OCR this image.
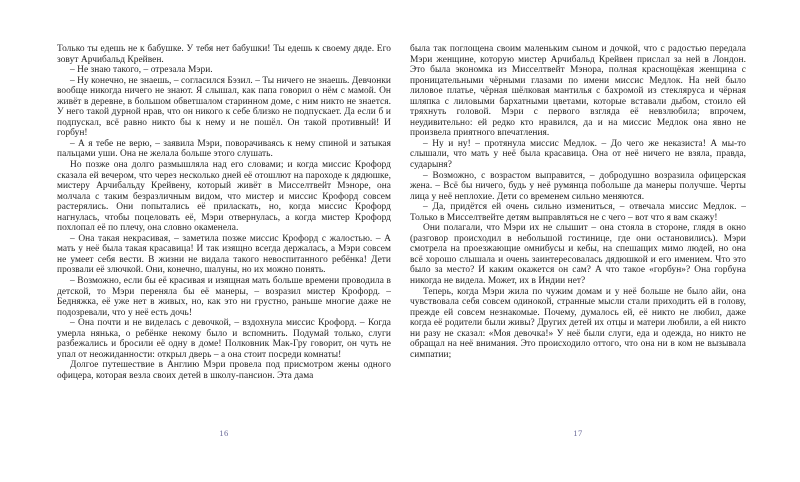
Только ты едешь не к бабушке. У тебя нет бабушки! Ты едешь к своему дяде. Его зовут Арчибальд Крейвен.

– Не знаю такого, – отрезала Мэри.

– Ну конечно, не знаешь, – согласился Бэзил. – Ты ничего не знаешь. Девчонки вообще никогда ничего не знают. Я слышал, как папа говорил о нём с мамой. Он живёт в деревне, в большом обветшалом старинном доме, с ним никто не знается. У него такой дурной нрав, что он никого к себе близко не подпускает. Да если б и подпускал, всё равно никто бы к нему и не пошёл. Он такой противный! И горбун!

– А я тебе не верю, – заявила Мэри, поворачиваясь к нему спиной и затыкая пальцами уши. Она не желала больше этого слушать.

Но позже она долго размышляла над его словами; и когда миссис Крофорд сказала ей вечером, что через несколько дней её отошлют на пароходе к дядюшке, мистеру Арчибальду Крейвену, который живёт в Мисселтвейт Мэноре, она молчала с таким безразличным видом, что мистер и миссис Крофорд совсем растерялись. Они попытались её приласкать, но, когда миссис Крофорд нагнулась, чтобы поцеловать её, Мэри отвернулась, а когда мистер Крофорд похлопал её по плечу, она словно окаменела.

– Она такая некрасивая, – заметила позже миссис Крофорд с жалостью. – А мать у неё была такая красавица! И так изящно всегда держалась, а Мэри совсем не умеет себя вести. В жизни не видала такого невоспитанного ребёнка! Дети прозвали её злючкой. Они, конечно, шалуны, но их можно понять.

– Возможно, если бы её красивая и изящная мать больше времени проводила в детской, то Мэри переняла бы её манеры, – возразил мистер Крофорд. – Бедняжка, её уже нет в живых, но, как это ни грустно, раньше многие даже не подозревали, что у неё есть дочь!

– Она почти и не виделась с девочкой, – вздохнула миссис Крофорд. – Когда умерла нянька, о ребёнке некому было и вспомнить. Подумай только, слуги разбежались и бросили её одну в доме! Полковник Мак-Гру говорит, он чуть не упал от неожиданности: открыл дверь – а она стоит посреди комнаты!

Долгое путешествие в Англию Мэри провела под присмотром жены одного офицера, которая везла своих детей в школу-пансион. Эта дама

16

была так поглощена своим маленьким сыном и дочкой, что с радостью передала Мэри женщине, которую мистер Арчибальд Крейвен прислал за ней в Лондон. Это была экономка из Мисселтвейт Мэнора, полная краснощёкая женщина с проницательными чёрными глазами по имени миссис Медлок. На ней было лиловое платье, чёрная шёлковая мантилья с бахромой из стекляруса и чёрная шляпка с лиловыми бархатными цветами, которые вставали дыбом, стоило ей тряхнуть головой. Мэри с первого взгляда её невзлюбила; впрочем, неудивительно: ей редко кто нравился, да и на миссис Медлок она явно не произвела приятного впечатления.

– Ну и ну! – протянула миссис Медлок. – До чего же неказиста! А мы-то слышали, что мать у неё была красавица. Она от неё ничего не взяла, правда, сударыня?

– Возможно, с возрастом выправится, – добродушно возразила офицерская жена. – Всё бы ничего, будь у неё румянца побольше да манеры получше. Черты лица у неё неплохие. Дети со временем сильно меняются.

– Да, придётся ей очень сильно измениться, – отвечала миссис Медлок. – Только в Мисселтвейте детям выправляться не с чего – вот что я вам скажу!

Они полагали, что Мэри их не слышит – она стояла в стороне, глядя в окно (разговор происходил в небольшой гостинице, где они остановились). Мэри смотрела на проезжающие омнибусы и кебы, на спешащих мимо людей, но она всё хорошо слышала и очень заинтересовалась дядюшкой и его имением. Что это было за место? И каким окажется он сам? А что такое «горбун»? Она горбуна никогда не видела. Может, их в Индии нет?

Теперь, когда Мэри жила по чужим домам и у неё больше не было айи, она чувствовала себя совсем одинокой, странные мысли стали приходить ей в голову, прежде ей совсем незнакомые. Почему, думалось ей, её никто не любил, даже когда её родители были живы? Других детей их отцы и матери любили, а ей никто ни разу не сказал: «Моя девочка!» У неё были слуги, еда и одежда, но никто не обращал на неё внимания. Это происходило оттого, что она ни в ком не вызывала симпатии;

17
